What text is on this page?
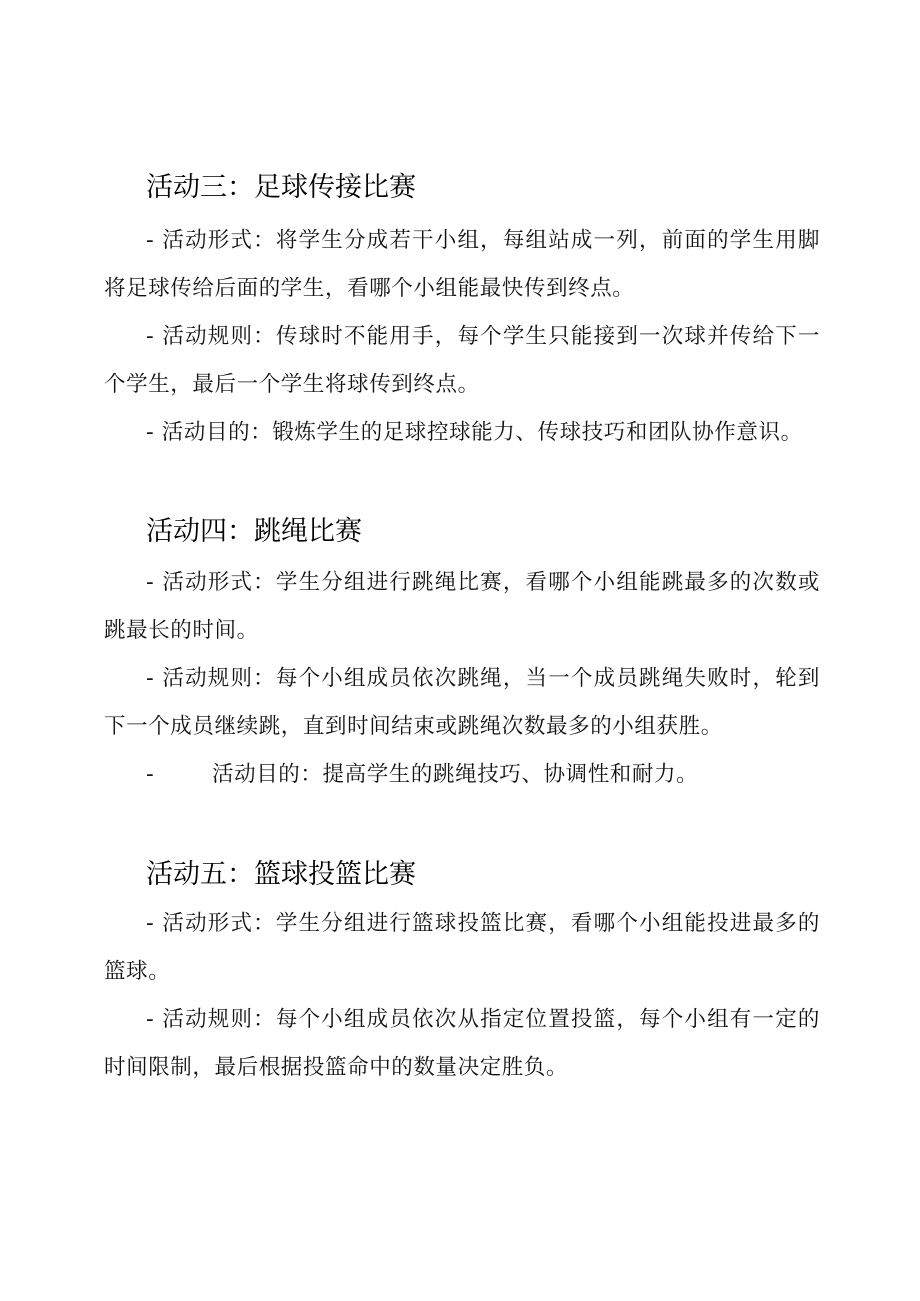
活动三：足球传接比赛
- 活动形式：将学生分成若干小组，每组站成一列，前面的学生用脚将足球传给后面的学生，看哪个小组能最快传到终点。
- 活动规则：传球时不能用手，每个学生只能接到一次球并传给下一个学生，最后一个学生将球传到终点。
- 活动目的：锻炼学生的足球控球能力、传球技巧和团队协作意识。
活动四：跳绳比赛
- 活动形式：学生分组进行跳绳比赛，看哪个小组能跳最多的次数或跳最长的时间。
- 活动规则：每个小组成员依次跳绳，当一个成员跳绳失败时，轮到下一个成员继续跳，直到时间结束或跳绳次数最多的小组获胜。
-	活动目的：提高学生的跳绳技巧、协调性和耐力。
活动五：篮球投篮比赛
- 活动形式：学生分组进行篮球投篮比赛，看哪个小组能投进最多的篮球。
- 活动规则：每个小组成员依次从指定位置投篮，每个小组有一定的时间限制，最后根据投篮命中的数量决定胜负。
